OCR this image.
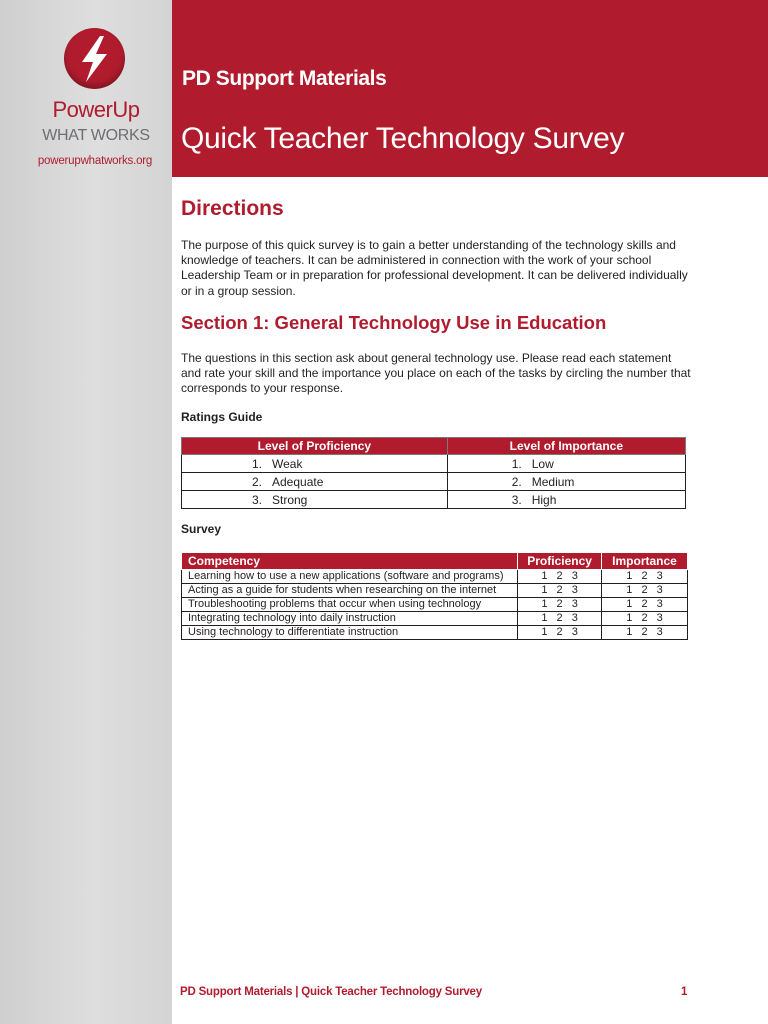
PowerUp
WHAT WORKS
powerupwhatworks.org
PD Support Materials
Quick Teacher Technology Survey
Directions
The purpose of this quick survey is to gain a better understanding of the technology skills and knowledge of teachers. It can be administered in connection with the work of your school Leadership Team or in preparation for professional development. It can be delivered individually or in a group session.
Section 1: General Technology Use in Education
The questions in this section ask about general technology use. Please read each statement and rate your skill and the importance you place on each of the tasks by circling the number that corresponds to your response.
Ratings Guide
Level of Proficiency	Level of Importance
1. Weak	1. Low
2. Adequate	2. Medium
3. Strong	3. High
Survey
Competency	Proficiency	Importance
Learning how to use a new applications (software and programs)	1 2 3	1 2 3
Acting as a guide for students when researching on the internet	1 2 3	1 2 3
Troubleshooting problems that occur when using technology	1 2 3	1 2 3
Integrating technology into daily instruction	1 2 3	1 2 3
Using technology to differentiate instruction	1 2 3	1 2 3
PD Support Materials | Quick Teacher Technology Survey	1
